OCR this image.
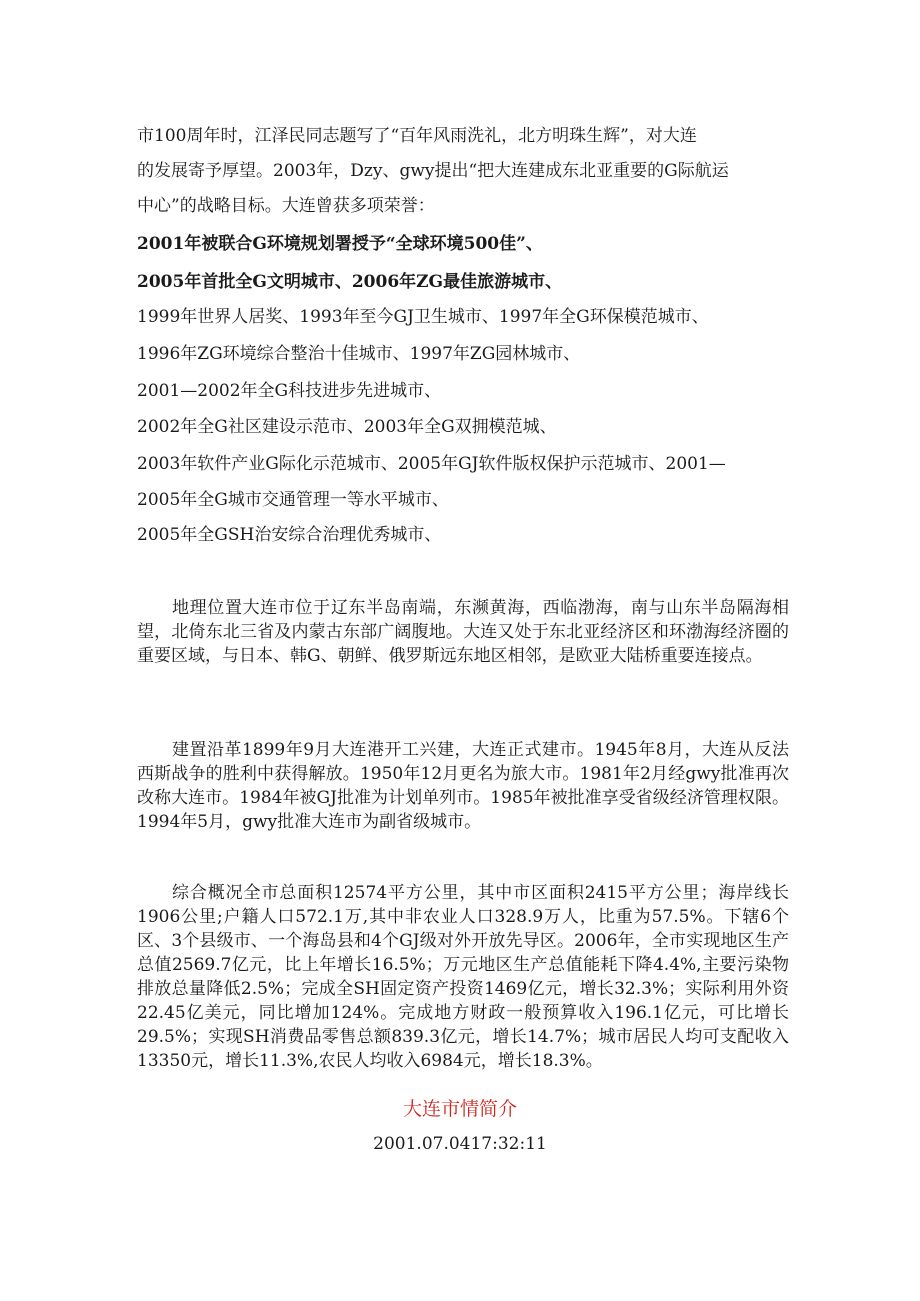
市100周年时，江泽民同志题写了“百年风雨洗礼，北方明珠生辉”，对大连
的发展寄予厚望。2003年，Dzy、gwy提出“把大连建成东北亚重要的G际航运
中心”的战略目标。大连曾获多项荣誉：
2001年被联合G环境规划署授予“全球环境500佳”、
2005年首批全G文明城市、2006年ZG最佳旅游城市、
1999年世界人居奖、1993年至今GJ卫生城市、1997年全G环保模范城市、
1996年ZG环境综合整治十佳城市、1997年ZG园林城市、
2001—2002年全G科技进步先进城市、
2002年全G社区建设示范市、2003年全G双拥模范城、
2003年软件产业G际化示范城市、2005年GJ软件版权保护示范城市、2001—
2005年全G城市交通管理一等水平城市、
2005年全GSH治安综合治理优秀城市、

地理位置大连市位于辽东半岛南端，东濒黄海，西临渤海，南与山东半岛隔海相望，北倚东北三省及内蒙古东部广阔腹地。大连又处于东北亚经济区和环渤海经济圈的重要区域，与日本、韩G、朝鲜、俄罗斯远东地区相邻，是欧亚大陆桥重要连接点。

建置沿革1899年9月大连港开工兴建，大连正式建市。1945年8月，大连从反法西斯战争的胜利中获得解放。1950年12月更名为旅大市。1981年2月经gwy批准再次改称大连市。1984年被GJ批准为计划单列市。1985年被批准享受省级经济管理权限。1994年5月，gwy批准大连市为副省级城市。

综合概况全市总面积12574平方公里，其中市区面积2415平方公里；海岸线长1906公里;户籍人口572.1万,其中非农业人口328.9万人，比重为57.5%。下辖6个区、3个县级市、一个海岛县和4个GJ级对外开放先导区。2006年，全市实现地区生产总值2569.7亿元，比上年增长16.5%；万元地区生产总值能耗下降4.4%,主要污染物排放总量降低2.5%；完成全SH固定资产投资1469亿元，增长32.3%；实际利用外资22.45亿美元，同比增加124%。完成地方财政一般预算收入196.1亿元，可比增长29.5%；实现SH消费品零售总额839.3亿元，增长14.7%；城市居民人均可支配收入13350元，增长11.3%,农民人均收入6984元，增长18.3%。

大连市情简介
2001.07.0417:32:11
